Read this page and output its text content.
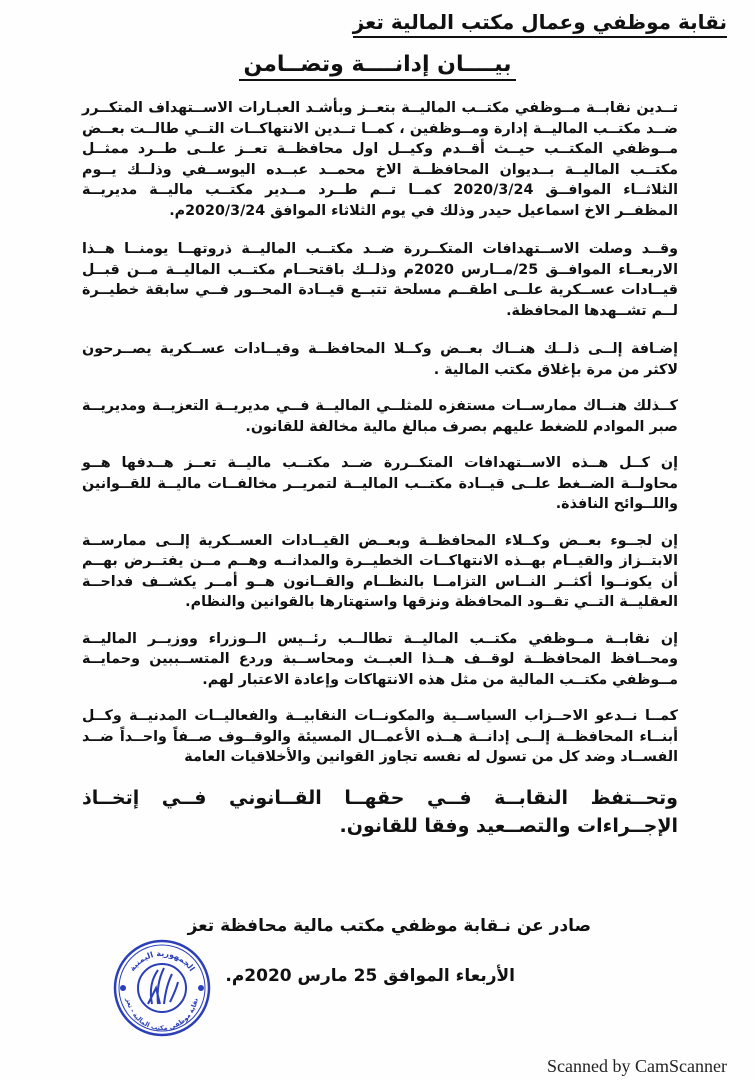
نقابة موظفي وعمال مكتب المالية تعز
بيــــان إدانــــة وتضــامن

تــدين نقابــة مــوظفي مكتــب الماليــة بتعــز وبأشـد العبـارات الاســتهداف المتكــرر ضــد مكتــب الماليــة إدارة ومــوظفين ، كمــا تــدين الانتهاكــات التــي طالــت بعــض مــوظفي المكتــب حيــث أقــدم وكيــل اول محافظــة تعــز علــى طــرد ممثــل مكتــب الماليــة بــديوان المحافظــة الاخ محمــد عبــده اليوســفي وذلــك يــوم الثلاثــاء الموافــق 2020/3/24 كمــا تــم طــرد مــدير مكتــب ماليــة مديريــة المظفــر الاخ اسماعيل حيدر وذلك في يوم الثلاثاء الموافق 2020/3/24م.

وقــد وصلت الاســتهدافات المتكــررة ضــد مكتــب الماليــة ذروتهــا يومنــا هــذا الاربعــاء الموافــق 25/مــارس 2020م وذلــك باقتحــام مكتــب الماليــة مــن قبــل قيــادات عســكرية علــى اطقــم مسلحة تتبــع قيــادة المحــور فــي سابقة خطيــرة لــم تشــهدها المحافظة.

إضـافة إلــى ذلــك هنــاك بعــض وكــلا المحافظــة وقيــادات عســكرية يصــرحون لاكثر من مرة بإغلاق مكتب المالية .

كــذلك هنــاك ممارســات مستفزه للمثلــي الماليــة فــي مديريــة التعزيــة ومديريــة صبر الموادم للضغط عليهم بصرف مبالغ مالية مخالفة للقانون.

إن كــل هــذه الاســتهدافات المتكــررة ضــد مكتــب ماليــة تعــز هــدفها هــو محاولــة الضــغط علــى قيــادة مكتــب الماليــة لتمريــر مخالفــات ماليــة للقــوانين واللــوائح النافذة.

إن لجــوء بعــض وكــلاء المحافظــة وبعــض القيــادات العســكرية إلــى ممارســة الابتــزاز والقيــام بهــذه الانتهاكــات الخطيــرة والمدانــه وهــم مــن يفتــرض بهــم أن يكونــوا أكثــر النــاس التزامــا بالنظــام والقــانون هــو أمــر يكشــف فداحــة العقليــة التــي تقــود المحافظة ونزقها واستهتارها بالقوانين والنظام.

إن نقابــة مــوظفي مكتــب الماليــة تطالــب رئــيس الــوزراء ووزيــر الماليــة ومحــافظ المحافظــة لوقــف هــذا العبــث ومحاســبة وردع المتســببين وحمايــة مــوظفي مكتــب المالية من مثل هذه الانتهاكات وإعادة الاعتبار لهم.

كمــا نــدعو الاحــزاب السياســية والمكونــات النقابيــة والفعاليــات المدنيــة وكــل أبنــاء المحافظــة إلــى إدانــة هــذه الأعمــال المسيئة والوقــوف صــفاً واحــداً ضــد الفســاد وضد كل من تسول له نفسه تجاوز القوانين والأخلاقيات العامة

وتحــتفظ النقابــة فــي حقهــا القــانوني فــي إتخــاذ الإجــراءات والتصــعيد وفقا للقانون.

صادر عن نـقابة موظفي مكتب مالية محافظة تعز
الأربعاء الموافق 25 مارس 2020م.
الجمهورية اليمنية
نقابة موظفي مكتب المالية - تعز
Scanned by CamScanner
